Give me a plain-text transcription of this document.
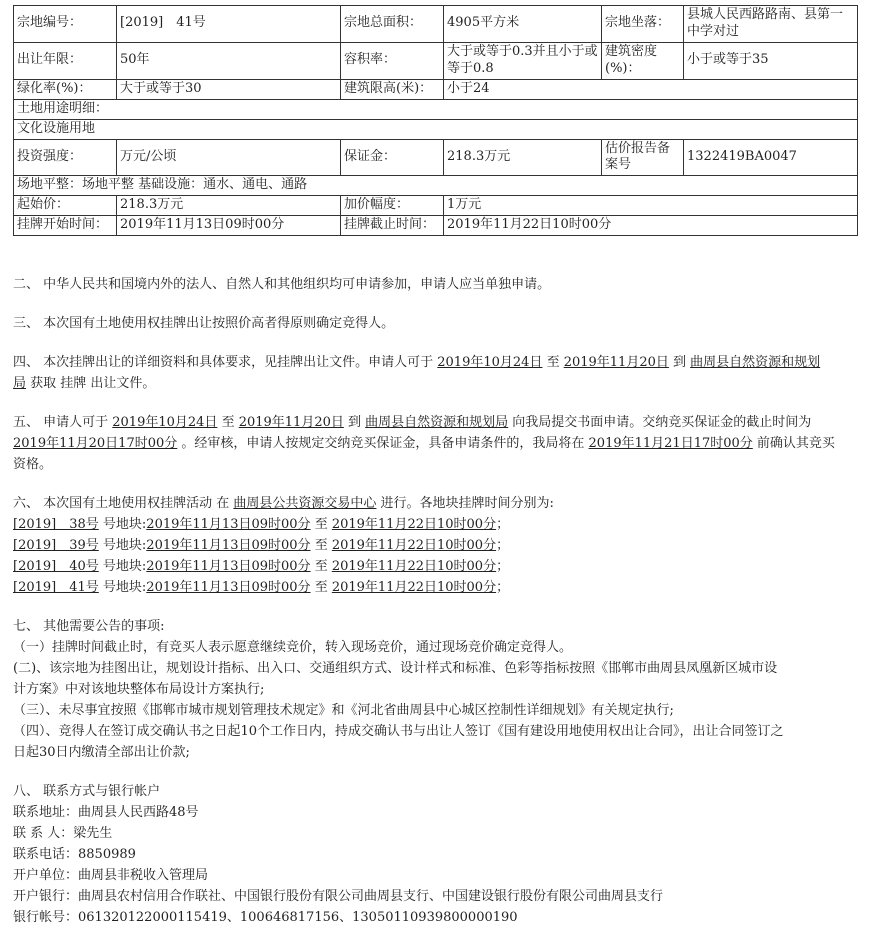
宗地编号：	[2019]　41号	宗地总面积：	4905平方米	宗地坐落：	县城人民西路路南、县第一中学对过
出让年限：	50年	容积率：	大于或等于0.3并且小于或等于0.8	建筑密度(%)：	小于或等于35
绿化率(%)：	大于或等于30	建筑限高(米)：	小于24		
土地用途明细：					
文化设施用地					
投资强度：	万元/公顷	保证金：	218.3万元	估价报告备案号	1322419BA0047
场地平整：场地平整 基础设施：通水、通电、通路					
起始价：	218.3万元	加价幅度：	1万元		
挂牌开始时间：	2019年11月13日09时00分	挂牌截止时间：	2019年11月22日10时00分		
二、 中华人民共和国境内外的法人、自然人和其他组织均可申请参加，申请人应当单独申请。
三、 本次国有土地使用权挂牌出让按照价高者得原则确定竞得人。
四、 本次挂牌出让的详细资料和具体要求，见挂牌出让文件。申请人可于 2019年10月24日 至 2019年11月20日 到 曲周县自然资源和规划
局 获取 挂牌 出让文件。
五、 申请人可于 2019年10月24日 至 2019年11月20日 到 曲周县自然资源和规划局 向我局提交书面申请。交纳竞买保证金的截止时间为
2019年11月20日17时00分 。经审核，申请人按规定交纳竞买保证金，具备申请条件的，我局将在 2019年11月21日17时00分 前确认其竞买
资格。
六、 本次国有土地使用权挂牌活动 在 曲周县公共资源交易中心 进行。各地块挂牌时间分别为:
[2019]　38号 号地块:2019年11月13日09时00分 至 2019年11月22日10时00分；
[2019]　39号 号地块:2019年11月13日09时00分 至 2019年11月22日10时00分；
[2019]　40号 号地块:2019年11月13日09时00分 至 2019年11月22日10时00分；
[2019]　41号 号地块:2019年11月13日09时00分 至 2019年11月22日10时00分；
七、 其他需要公告的事项:
（一）挂牌时间截止时，有竞买人表示愿意继续竞价，转入现场竞价，通过现场竞价确定竞得人。
(二)、该宗地为挂图出让，规划设计指标、出入口、交通组织方式、设计样式和标准、色彩等指标按照《邯郸市曲周县凤凰新区城市设
计方案》中对该地块整体布局设计方案执行;
（三）、未尽事宜按照《邯郸市城市规划管理技术规定》和《河北省曲周县中心城区控制性详细规划》有关规定执行;
（四）、竞得人在签订成交确认书之日起10个工作日内，持成交确认书与出让人签订《国有建设用地使用权出让合同》，出让合同签订之
日起30日内缴清全部出让价款;
八、 联系方式与银行帐户
联系地址：曲周县人民西路48号
联 系 人：梁先生
联系电话：8850989
开户单位：曲周县非税收入管理局
开户银行：曲周县农村信用合作联社、中国银行股份有限公司曲周县支行、中国建设银行股份有限公司曲周县支行
银行帐号：061320122000115419、100646817156、13050110939800000190
